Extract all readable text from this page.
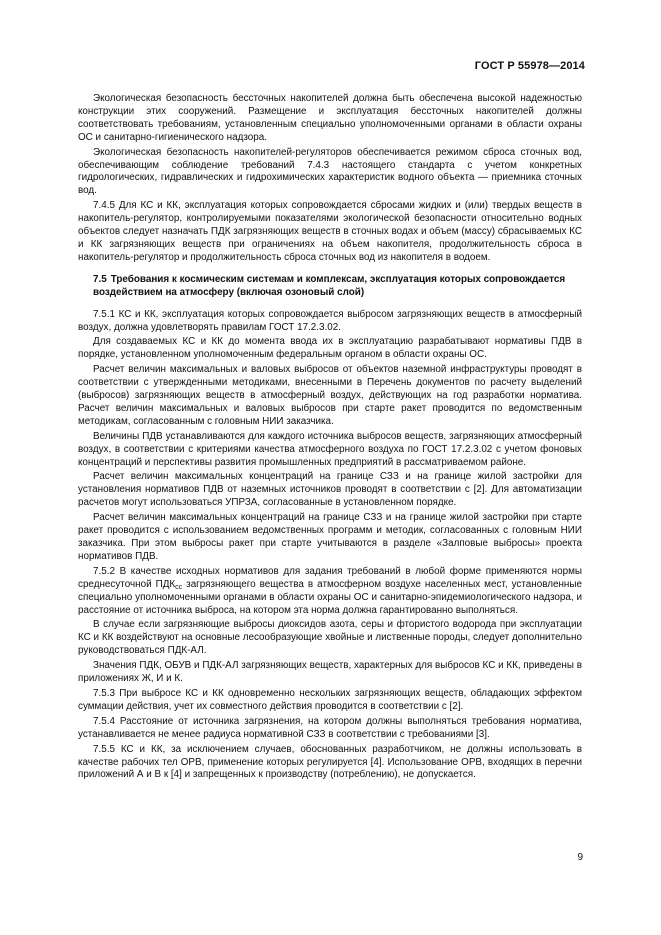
ГОСТ Р 55978—2014

Экологическая безопасность бессточных накопителей должна быть обеспечена высокой надежностью конструкции этих сооружений. Размещение и эксплуатация бессточных накопителей должны соответствовать требованиям, установленным специально уполномоченными органами в области охраны ОС и санитарно-гигиенического надзора.

Экологическая безопасность накопителей-регуляторов обеспечивается режимом сброса сточных вод, обеспечивающим соблюдение требований 7.4.3 настоящего стандарта с учетом конкретных гидрологических, гидравлических и гидрохимических характеристик водного объекта — приемника сточных вод.

7.4.5 Для КС и КК, эксплуатация которых сопровождается сбросами жидких и (или) твердых веществ в накопитель-регулятор, контролируемыми показателями экологической безопасности относительно водных объектов следует назначать ПДК загрязняющих веществ в сточных водах и объем (массу) сбрасываемых КС и КК загрязняющих веществ при ограничениях на объем накопителя, продолжительность сброса в накопитель-регулятор и продолжительность сброса сточных вод из накопителя в водоем.

7.5 Требования к космическим системам и комплексам, эксплуатация которых сопровождается воздействием на атмосферу (включая озоновый слой)

7.5.1 КС и КК, эксплуатация которых сопровождается выбросом загрязняющих веществ в атмосферный воздух, должна удовлетворять правилам ГОСТ 17.2.3.02.

Для создаваемых КС и КК до момента ввода их в эксплуатацию разрабатывают нормативы ПДВ в порядке, установленном уполномоченным федеральным органом в области охраны ОС.

Расчет величин максимальных и валовых выбросов от объектов наземной инфраструктуры проводят в соответствии с утвержденными методиками, внесенными в Перечень документов по расчету выделений (выбросов) загрязняющих веществ в атмосферный воздух, действующих на год разработки норматива. Расчет величин максимальных и валовых выбросов при старте ракет проводится по ведомственным методикам, согласованным с головным НИИ заказчика.

Величины ПДВ устанавливаются для каждого источника выбросов веществ, загрязняющих атмосферный воздух, в соответствии с критериями качества атмосферного воздуха по ГОСТ 17.2.3.02 с учетом фоновых концентраций и перспективы развития промышленных предприятий в рассматриваемом районе.

Расчет величин максимальных концентраций на границе СЗЗ и на границе жилой застройки для установления нормативов ПДВ от наземных источников проводят в соответствии с [2]. Для автоматизации расчетов могут использоваться УПРЗА, согласованные в установленном порядке.

Расчет величин максимальных концентраций на границе СЗЗ и на границе жилой застройки при старте ракет проводится с использованием ведомственных программ и методик, согласованных с головным НИИ заказчика. При этом выбросы ракет при старте учитываются в разделе «Залповые выбросы» проекта нормативов ПДВ.

7.5.2 В качестве исходных нормативов для задания требований в любой форме применяются нормы среднесуточной $ПДК_{сс}$ загрязняющего вещества в атмосферном воздухе населенных мест, установленные специально уполномоченными органами в области охраны ОС и санитарно-эпидемиологического надзора, и расстояние от источника выброса, на котором эта норма должна гарантированно выполняться.

В случае если загрязняющие выбросы диоксидов азота, серы и фтористого водорода при эксплуатации КС и КК воздействуют на основные лесообразующие хвойные и лиственные породы, следует дополнительно руководствоваться ПДК-АЛ.

Значения ПДК, ОБУВ и ПДК-АЛ загрязняющих веществ, характерных для выбросов КС и КК, приведены в приложениях Ж, И и К.

7.5.3 При выбросе КС и КК одновременно нескольких загрязняющих веществ, обладающих эффектом суммации действия, учет их совместного действия проводится в соответствии с [2].

7.5.4 Расстояние от источника загрязнения, на котором должны выполняться требования норматива, устанавливается не менее радиуса нормативной СЗЗ в соответствии с требованиями [3].

7.5.5 КС и КК, за исключением случаев, обоснованных разработчиком, не должны использовать в качестве рабочих тел ОРВ, применение которых регулируется [4]. Использование ОРВ, входящих в перечни приложений А и В к [4] и запрещенных к производству (потреблению), не допускается.

9
